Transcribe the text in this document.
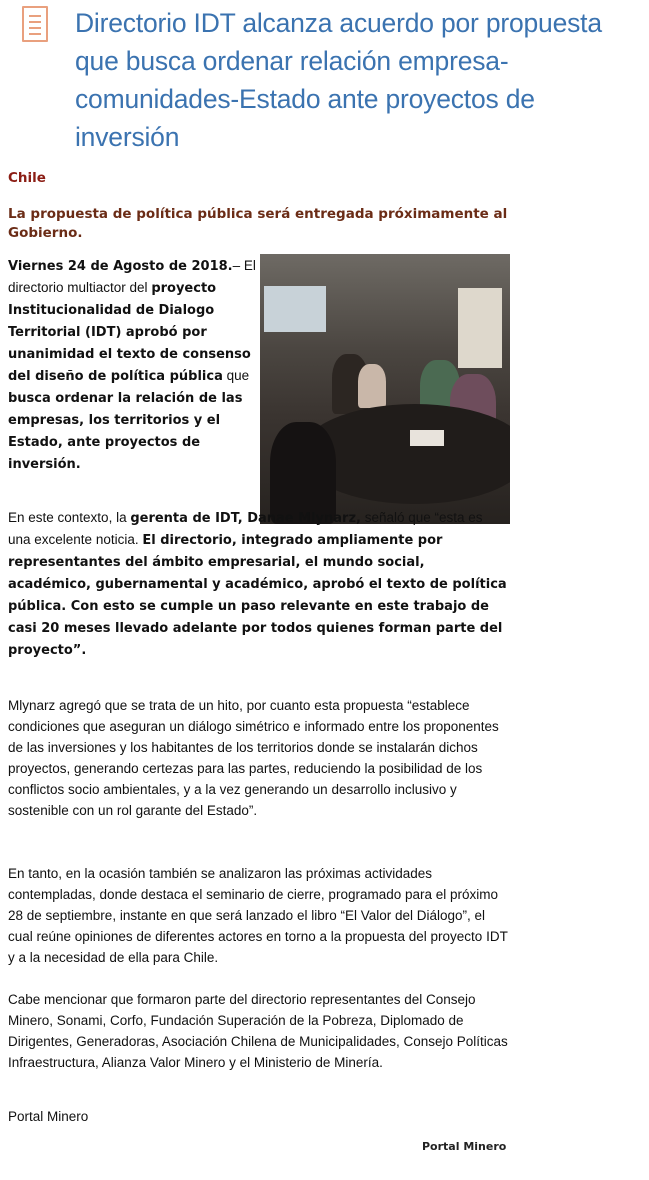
Directorio IDT alcanza acuerdo por propuesta que busca ordenar relación empresa-comunidades-Estado ante proyectos de inversión

Chile

La propuesta de política pública será entregada próximamente al Gobierno.

Viernes 24 de Agosto de 2018.– El directorio multiactor del proyecto Institucionalidad de Dialogo Territorial (IDT) aprobó por unanimidad el texto de consenso del diseño de política pública que busca ordenar la relación de las empresas, los territorios y el Estado, ante proyectos de inversión.

En este contexto, la gerenta de IDT, Danae Mlynarz, señaló que “esta es una excelente noticia. El directorio, integrado ampliamente por representantes del ámbito empresarial, el mundo social, académico, gubernamental y académico, aprobó el texto de política pública. Con esto se cumple un paso relevante en este trabajo de casi 20 meses llevado adelante por todos quienes forman parte del proyecto”.

Mlynarz agregó que se trata de un hito, por cuanto esta propuesta “establece condiciones que aseguran un diálogo simétrico e informado entre los proponentes de las inversiones y los habitantes de los territorios donde se instalarán dichos proyectos, generando certezas para las partes, reduciendo la posibilidad de los conflictos socio ambientales, y a la vez generando un desarrollo inclusivo y sostenible con un rol garante del Estado”.

En tanto, en la ocasión también se analizaron las próximas actividades contempladas, donde destaca el seminario de cierre, programado para el próximo 28 de septiembre, instante en que será lanzado el libro “El Valor del Diálogo”, el cual reúne opiniones de diferentes actores en torno a la propuesta del proyecto IDT y a la necesidad de ella para Chile.

Cabe mencionar que formaron parte del directorio representantes del Consejo Minero, Sonami, Corfo, Fundación Superación de la Pobreza, Diplomado de Dirigentes, Generadoras, Asociación Chilena de Municipalidades, Consejo Políticas Infraestructura, Alianza Valor Minero y el Ministerio de Minería.

Portal Minero

Portal Minero
